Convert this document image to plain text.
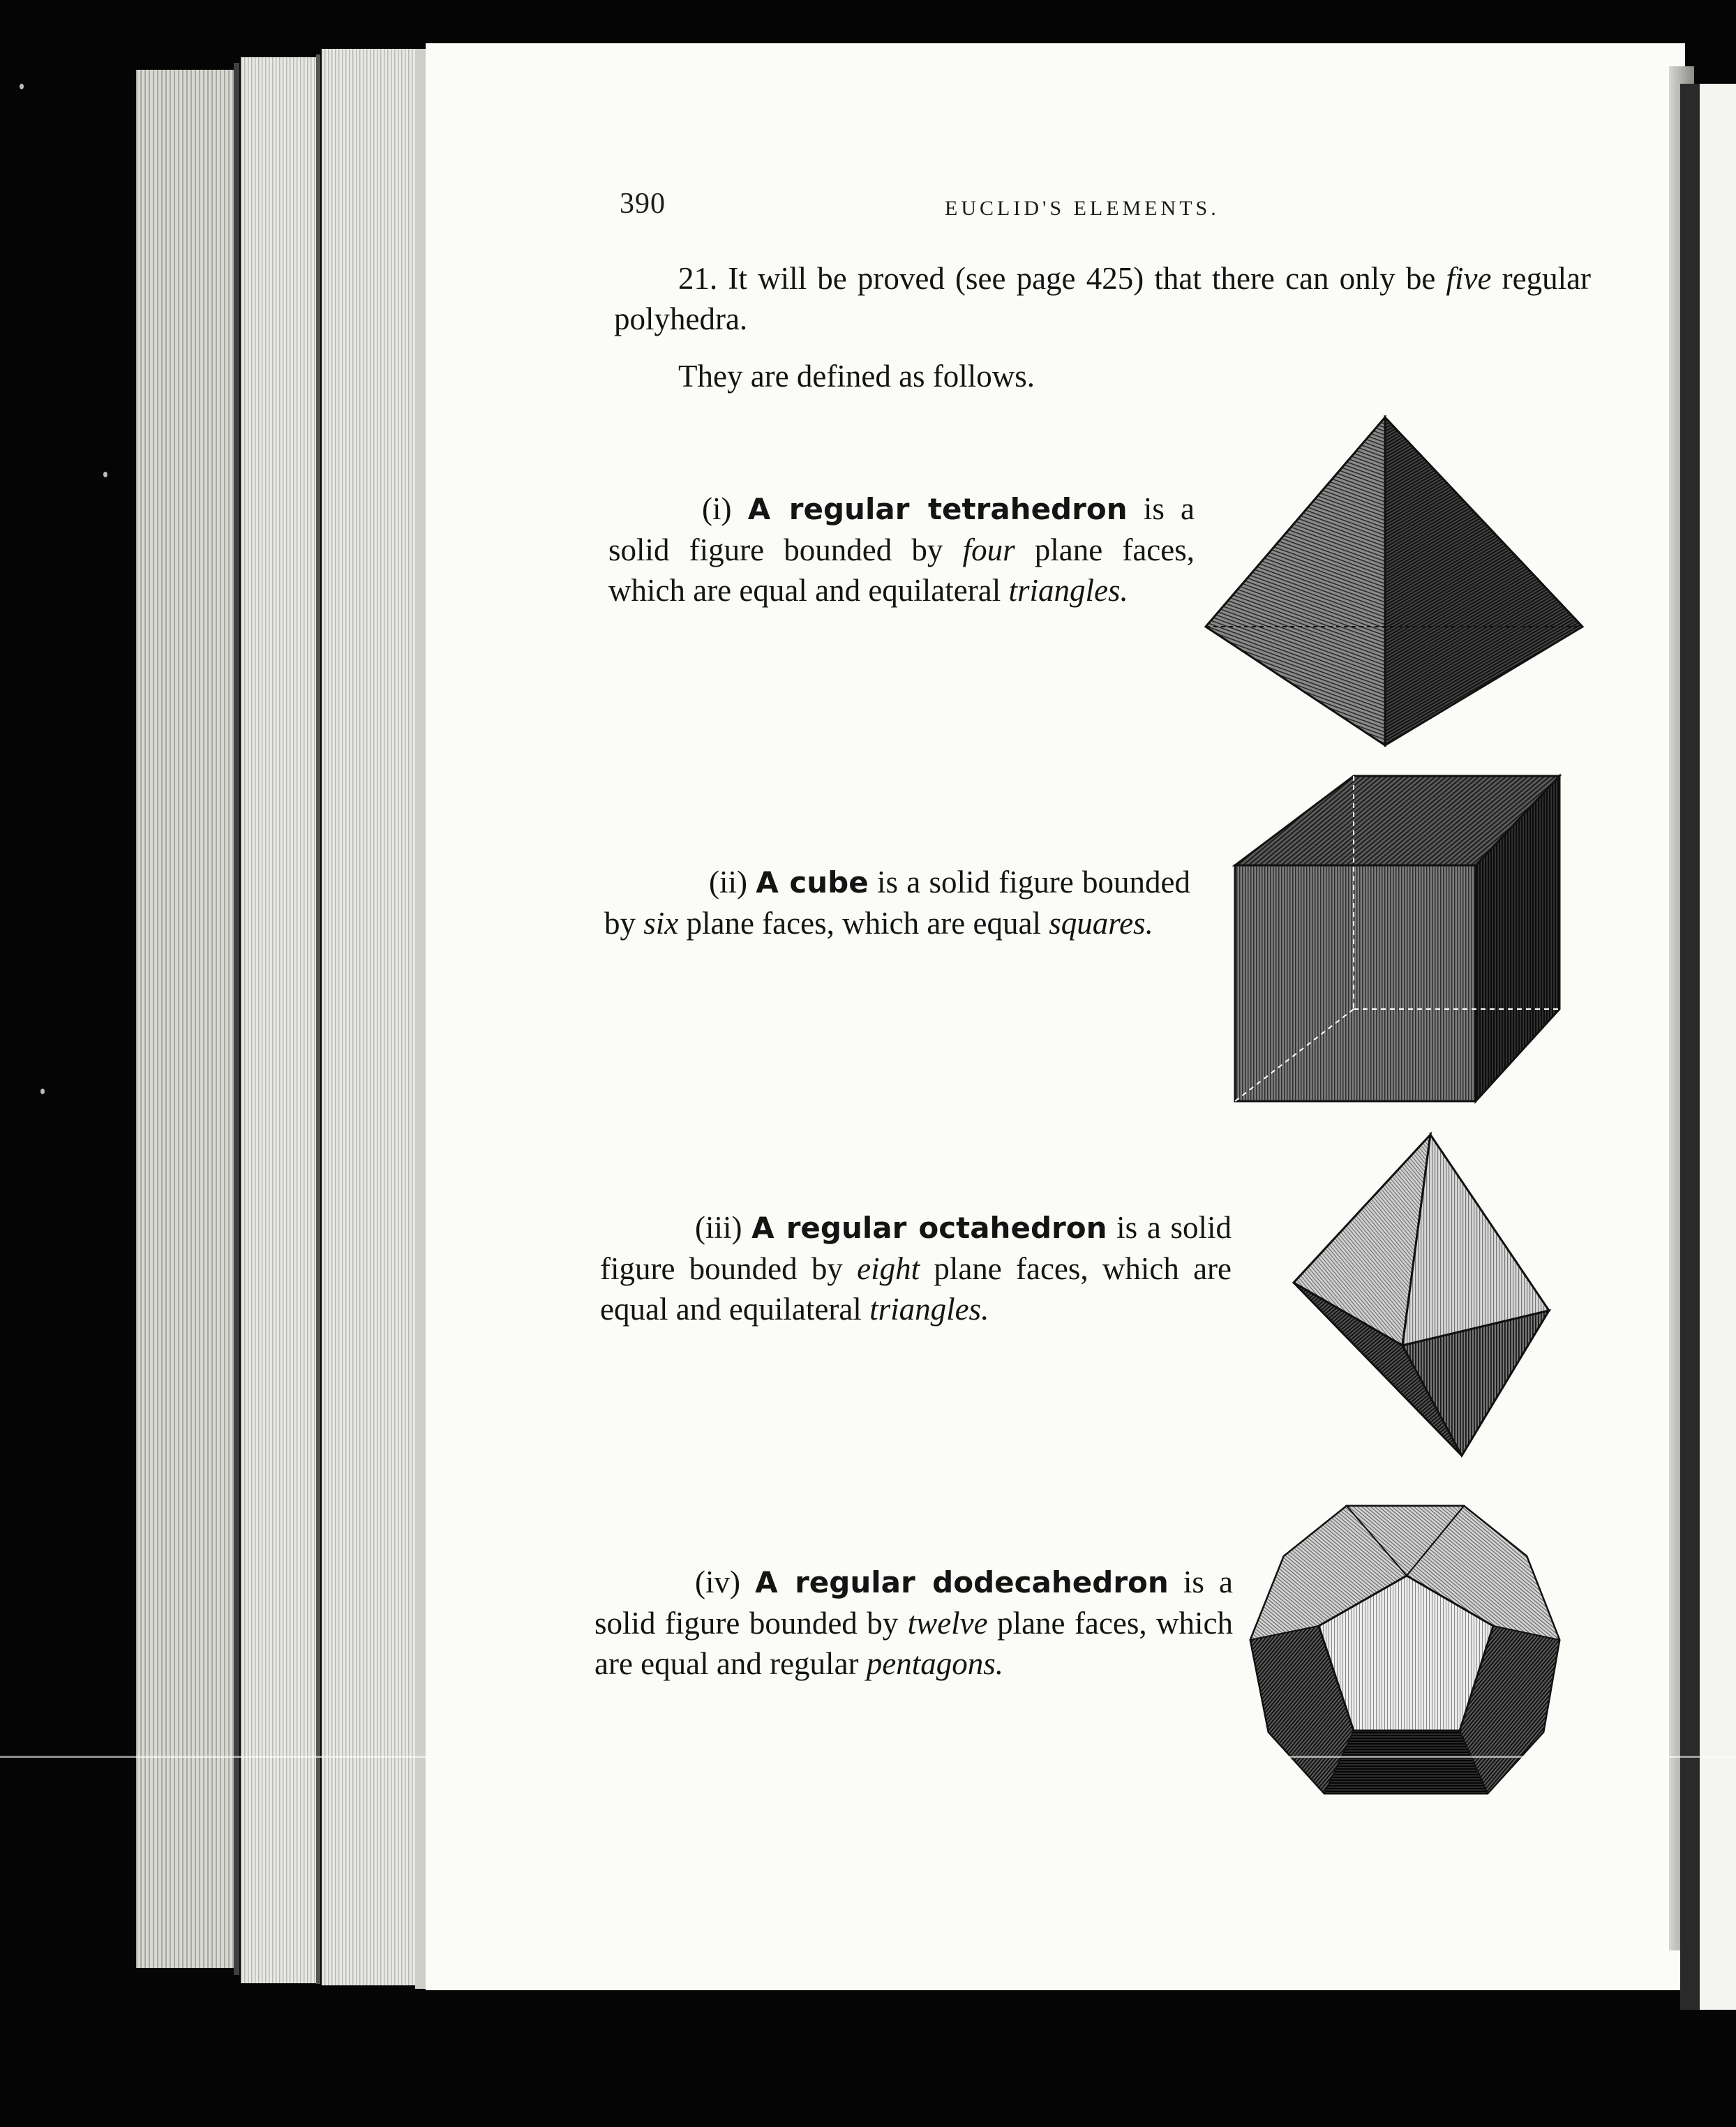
390	EUCLID'S ELEMENTS.

21. It will be proved (see page 425) that there can only be five regular polyhedra.

They are defined as follows.

(i) A regular tetrahedron is a solid figure bounded by four plane faces, which are equal and equilateral triangles.

(ii) A cube is a solid figure bounded by six plane faces, which are equal squares.

(iii) A regular octahedron is a solid figure bounded by eight plane faces, which are equal and equilateral triangles.

(iv) A regular dodecahedron is a solid figure bounded by twelve plane faces, which are equal and regular pentagons.
